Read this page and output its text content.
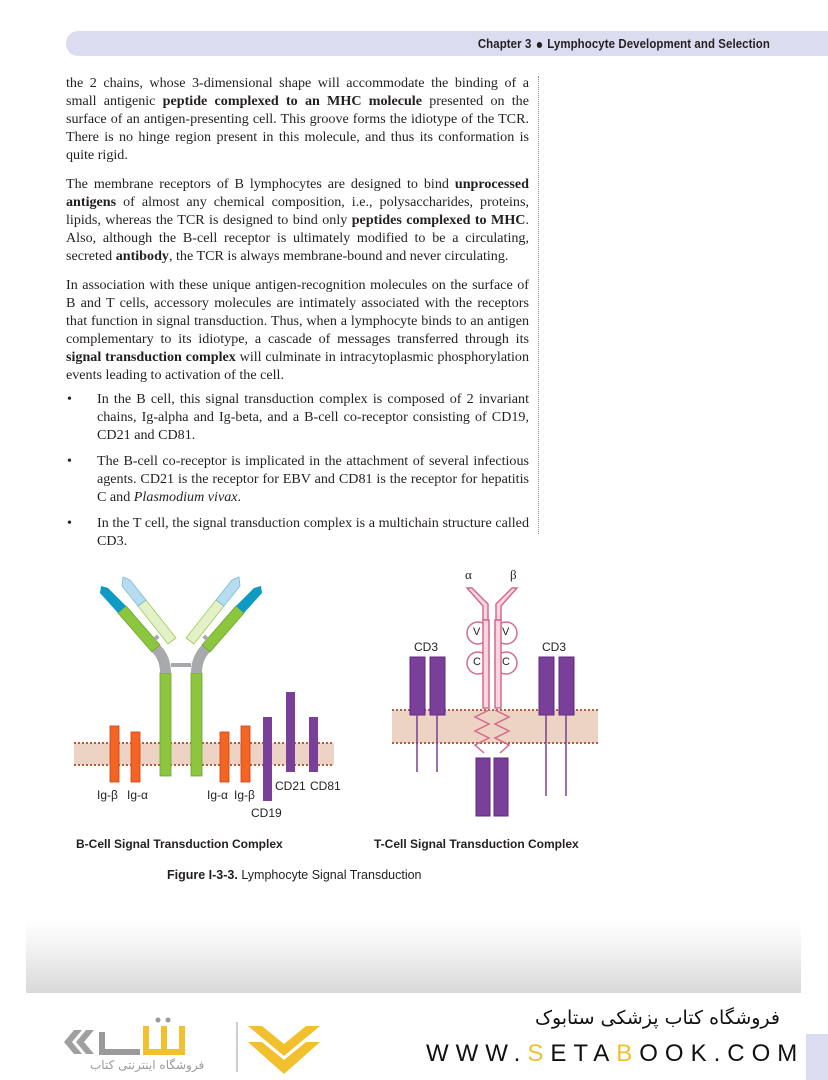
Chapter 3 Lymphocyte Development and Selection

the 2 chains, whose 3-dimensional shape will accommodate the binding of a small antigenic peptide complexed to an MHC molecule presented on the surface of an antigen-presenting cell. This groove forms the idiotype of the TCR. There is no hinge region present in this molecule, and thus its conformation is quite rigid.

The membrane receptors of B lymphocytes are designed to bind unprocessed antigens of almost any chemical composition, i.e., polysaccharides, proteins, lipids, whereas the TCR is designed to bind only peptides complexed to MHC. Also, although the B-cell receptor is ultimately modified to be a circulating, secreted antibody, the TCR is always membrane-bound and never circulating.

In association with these unique antigen-recognition molecules on the surface of B and T cells, accessory molecules are intimately associated with the receptors that function in signal transduction. Thus, when a lymphocyte binds to an antigen complementary to its idiotype, a cascade of messages transferred through its signal transduction complex will culminate in intracytoplasmic phosphorylation events leading to activation of the cell.

• In the B cell, this signal transduction complex is composed of 2 invariant chains, Ig-alpha and Ig-beta, and a B-cell co-receptor consisting of CD19, CD21 and CD81.
• The B-cell co-receptor is implicated in the attachment of several infectious agents. CD21 is the receptor for EBV and CD81 is the receptor for hepatitis C and Plasmodium vivax.
• In the T cell, the signal transduction complex is a multichain structure called CD3.
α	β
V V
C C
CD3	CD3
Ig-β Ig-α	Ig-α Ig-β
CD19
CD21 CD81
B-Cell Signal Transduction Complex	T-Cell Signal Transduction Complex
Figure I-3-3. Lymphocyte Signal Transduction
فروشگاه اینترنتی کتاب
فروشگاه کتاب پزشکی ستابوک
WWW.SETABOOK.COM
